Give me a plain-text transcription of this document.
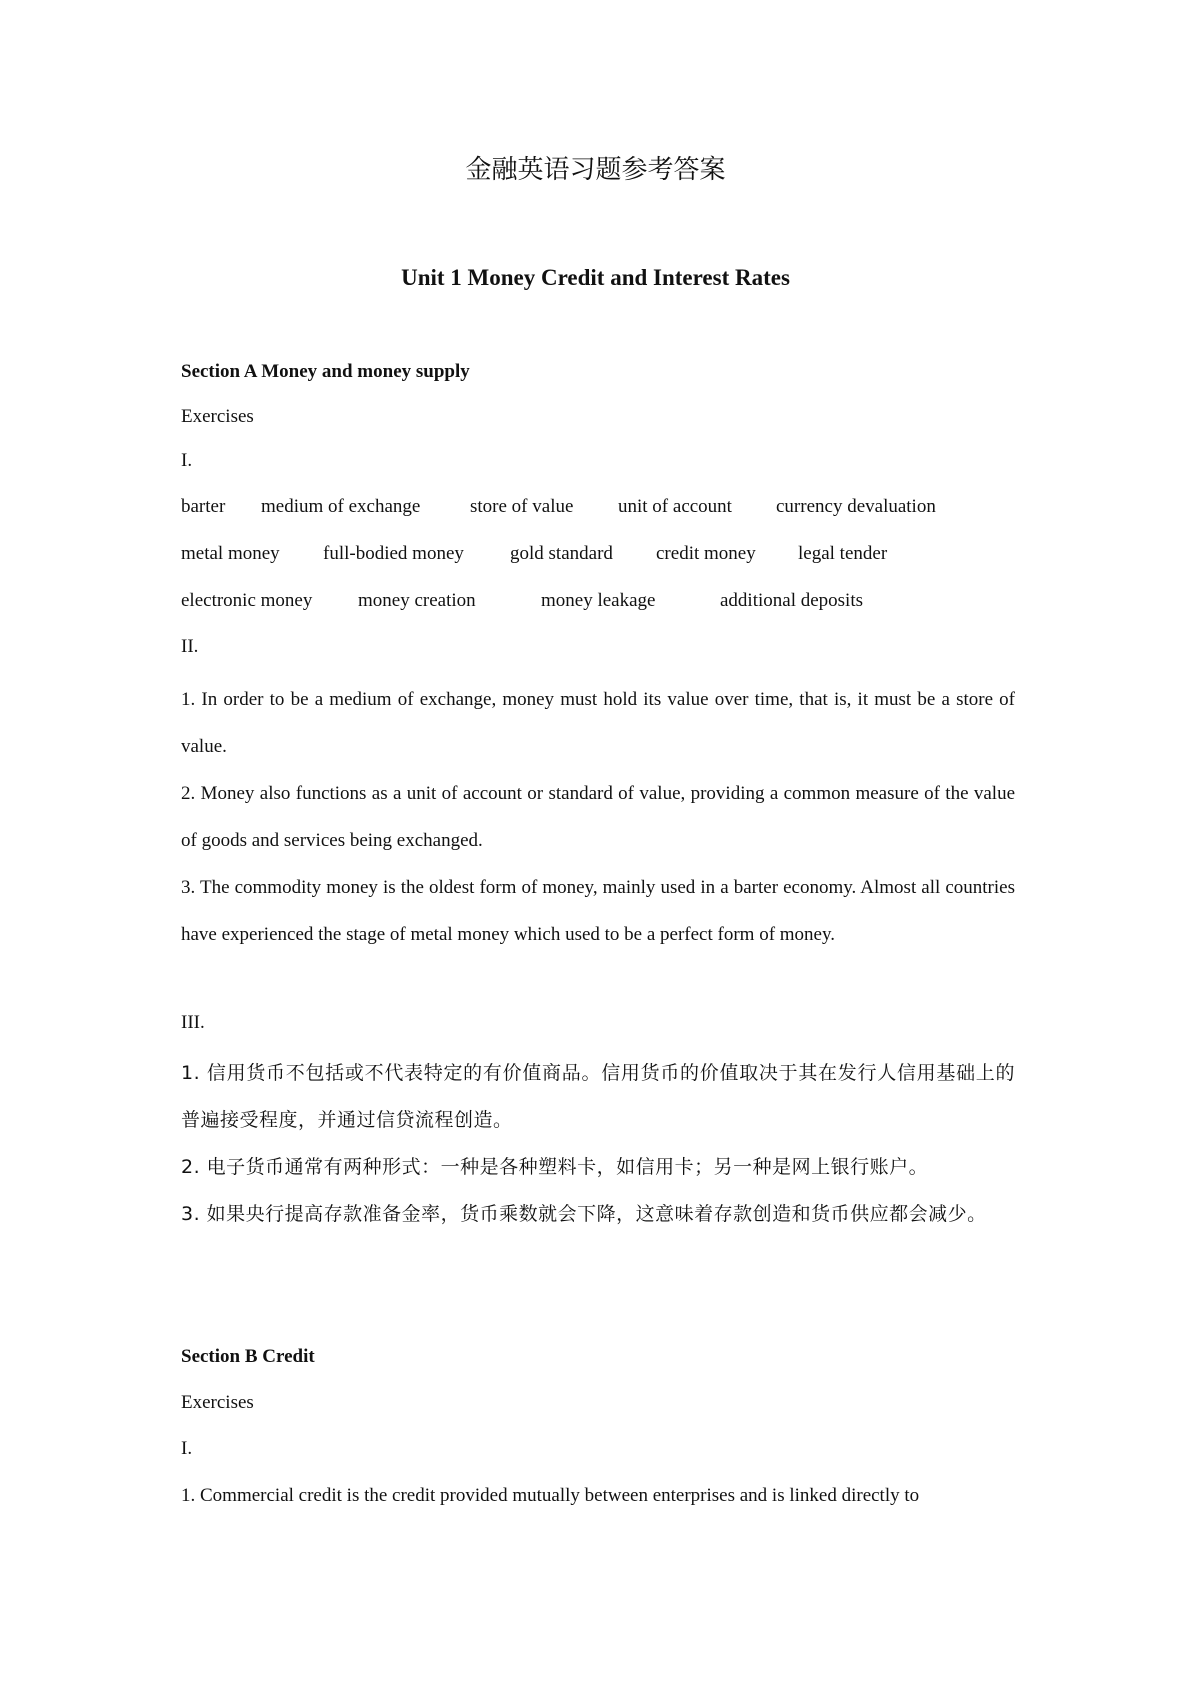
金融英语习题参考答案
Unit 1 Money Credit and Interest Rates
Section A Money and money supply
Exercises
I.
barter medium of exchange	store of value unit of account currency devaluation
metal money full-bodied money gold standard credit money legal tender
electronic money money creation	money leakage	additional deposits
II.
1. In order to be a medium of exchange, money must hold its value over time, that is, it must be a store of value.
2. Money also functions as a unit of account or standard of value, providing a common measure of the value of goods and services being exchanged.
3. The commodity money is the oldest form of money, mainly used in a barter economy. Almost all countries have experienced the stage of metal money which used to be a perfect form of money.
III.
1. 信用货币不包括或不代表特定的有价值商品。信用货币的价值取决于其在发行人信用基础上的普遍接受程度，并通过信贷流程创造。
2. 电子货币通常有两种形式：一种是各种塑料卡，如信用卡；另一种是网上银行账户。
3. 如果央行提高存款准备金率，货币乘数就会下降，这意味着存款创造和货币供应都会减少。
Section B Credit
Exercises
I.
1. Commercial credit is the credit provided mutually between enterprises and is linked directly to
